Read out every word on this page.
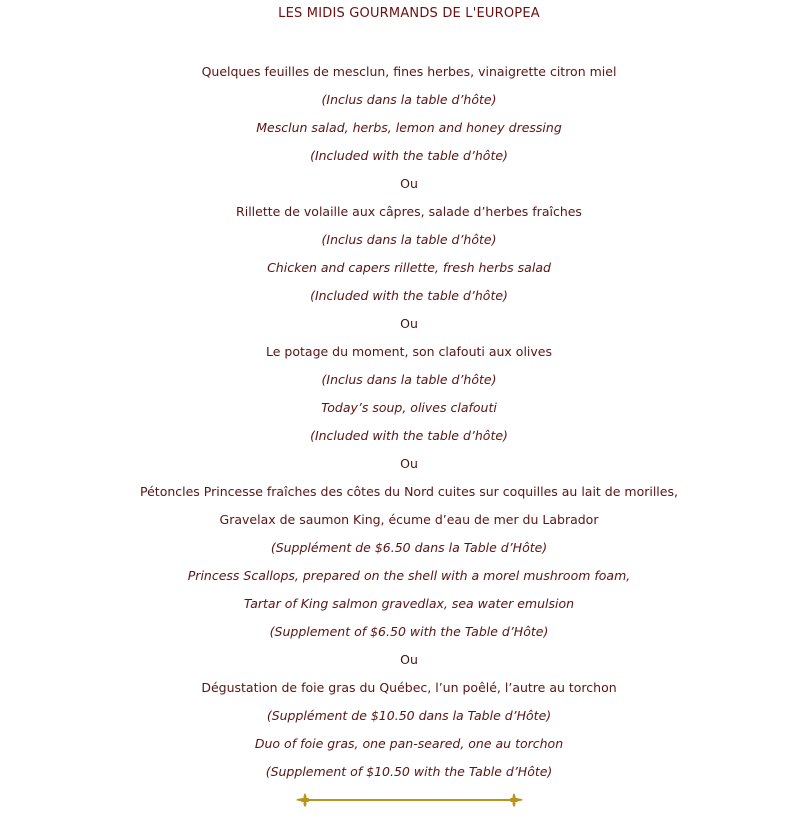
LES MIDIS GOURMANDS DE L'EUROPEA
Quelques feuilles de mesclun, fines herbes, vinaigrette citron miel
(Inclus dans la table d’hôte)
Mesclun salad, herbs, lemon and honey dressing
(Included with the table d’hôte)
Ou
Rillette de volaille aux câpres, salade d’herbes fraîches
(Inclus dans la table d’hôte)
Chicken and capers rillette, fresh herbs salad
(Included with the table d’hôte)
Ou
Le potage du moment, son clafouti aux olives
(Inclus dans la table d’hôte)
Today’s soup, olives clafouti
(Included with the table d’hôte)
Ou
Pétoncles Princesse fraîches des côtes du Nord cuites sur coquilles au lait de morilles,
Gravelax de saumon King, écume d’eau de mer du Labrador
(Supplément de $6.50 dans la Table d’Hôte)
Princess Scallops, prepared on the shell with a morel mushroom foam,
Tartar of King salmon gravedlax, sea water emulsion
(Supplement of $6.50 with the Table d’Hôte)
Ou
Dégustation de foie gras du Québec, l’un poêlé, l’autre au torchon
(Supplément de $10.50 dans la Table d’Hôte)
Duo of foie gras, one pan-seared, one au torchon
(Supplement of $10.50 with the Table d’Hôte)
